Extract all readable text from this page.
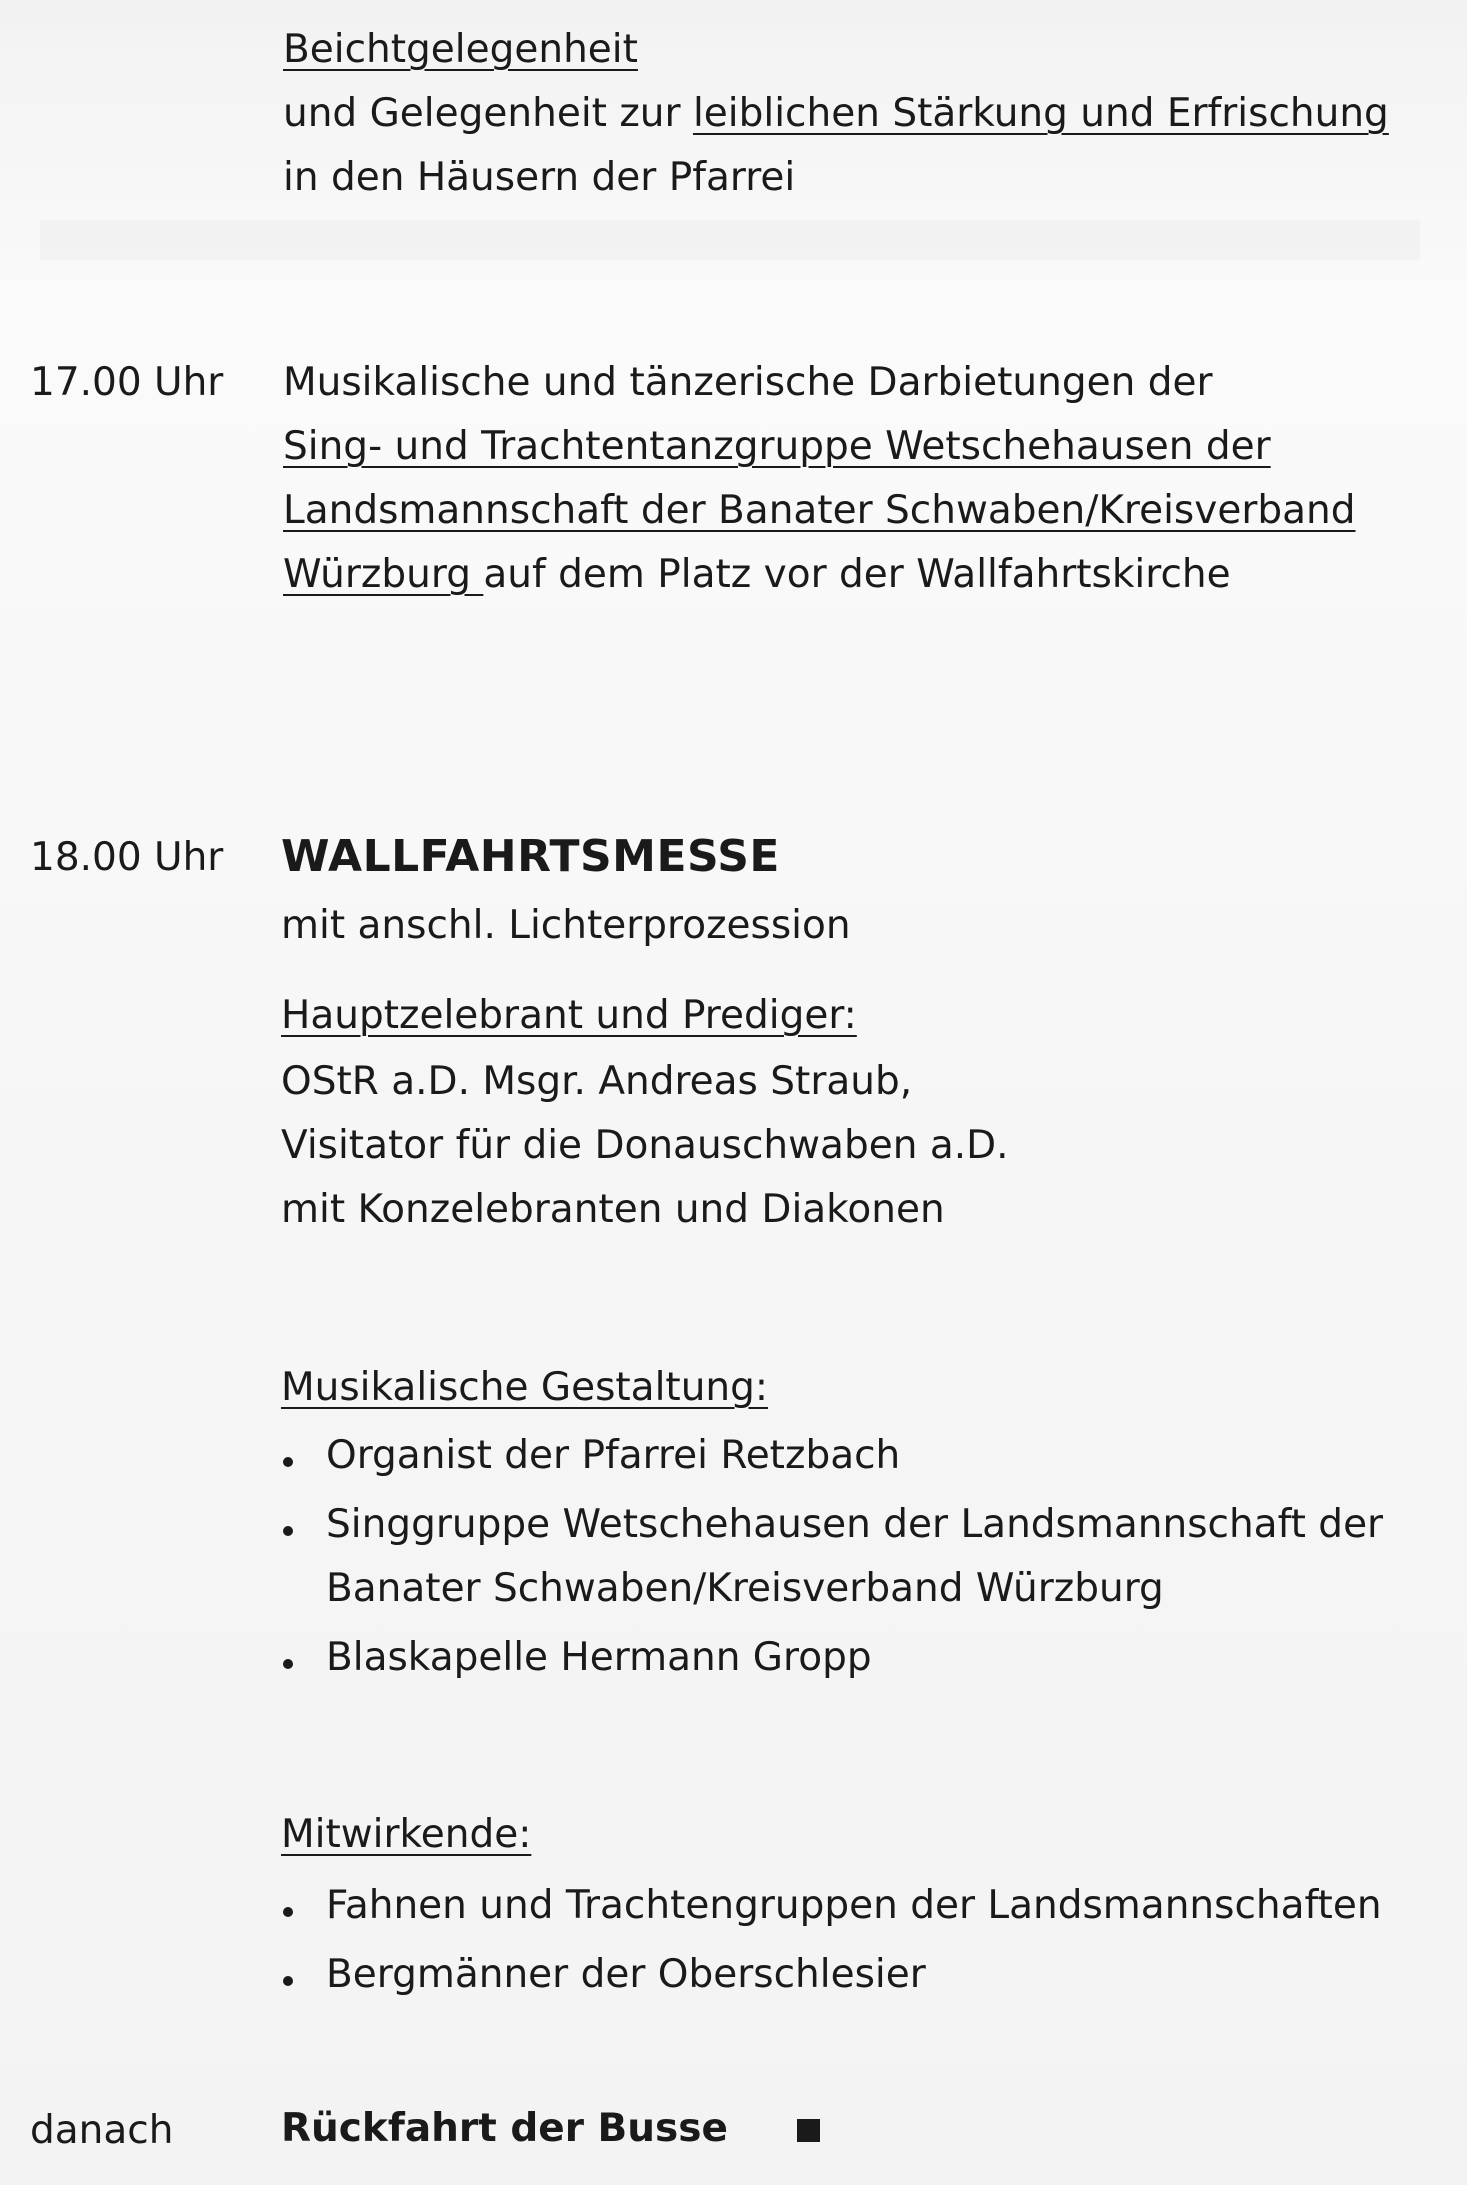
Beichtgelegenheit
und Gelegenheit zur leiblichen Stärkung und Erfrischung
in den Häusern der Pfarrei
17.00 Uhr Musikalische und tänzerische Darbietungen der
Sing- und Trachtentanzgruppe Wetschehausen der
Landsmannschaft der Banater Schwaben/Kreisverband
Würzburg auf dem Platz vor der Wallfahrtskirche
18.00 Uhr WALLFAHRTSMESSE
mit anschl. Lichterprozession
Hauptzelebrant und Prediger:
OStR a.D. Msgr. Andreas Straub,
Visitator für die Donauschwaben a.D.
mit Konzelebranten und Diakonen
Musikalische Gestaltung:
Organist der Pfarrei Retzbach
Singgruppe Wetschehausen der Landsmannschaft der
Banater Schwaben/Kreisverband Würzburg
Blaskapelle Hermann Gropp
Mitwirkende:
Fahnen und Trachtengruppen der Landsmannschaften
Bergmänner der Oberschlesier
danach	Rückfahrt der Busse
